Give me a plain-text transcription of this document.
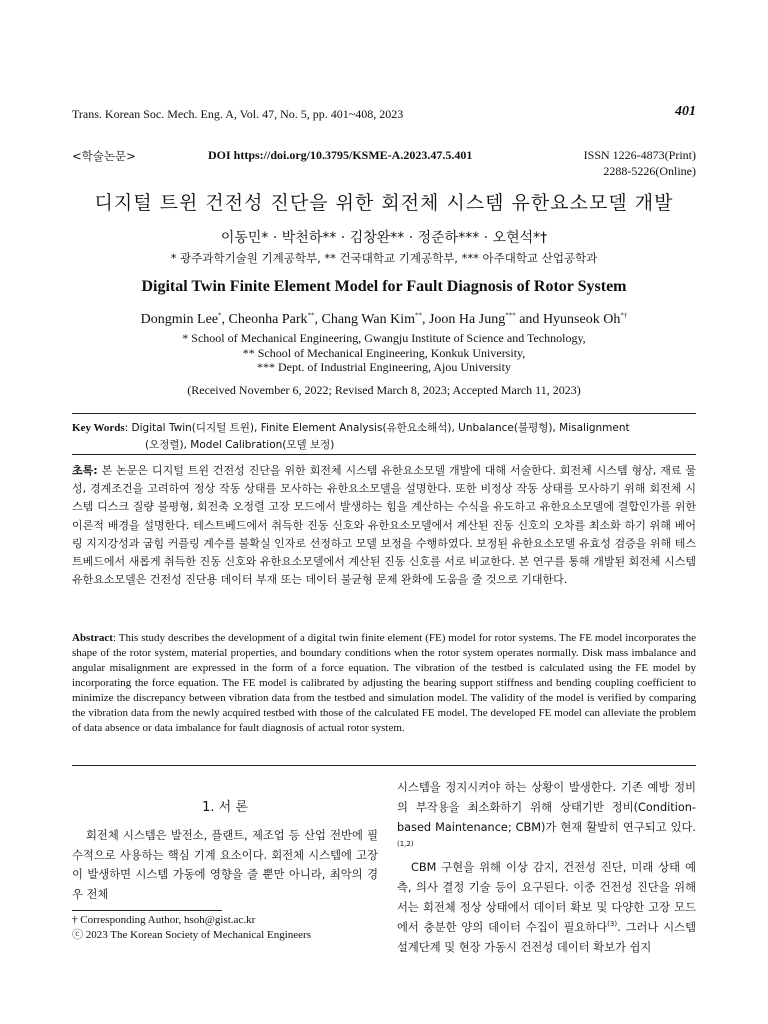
Trans. Korean Soc. Mech. Eng. A, Vol. 47, No. 5, pp. 401~408, 2023	401
<학술논문>	DOI https://doi.org/10.3795/KSME-A.2023.47.5.401	ISSN 1226-4873(Print)
2288-5226(Online)
디지털 트윈 건전성 진단을 위한 회전체 시스템 유한요소모델 개발
이동민* · 박천하** · 김창완** · 정준하*** · 오현석*†
* 광주과학기술원 기계공학부, ** 건국대학교 기계공학부, *** 아주대학교 산업공학과
Digital Twin Finite Element Model for Fault Diagnosis of Rotor System
Dongmin Lee*, Cheonha Park**, Chang Wan Kim**, Joon Ha Jung*** and Hyunseok Oh*†
* School of Mechanical Engineering, Gwangju Institute of Science and Technology,
** School of Mechanical Engineering, Konkuk University,
*** Dept. of Industrial Engineering, Ajou University
(Received November 6, 2022; Revised March 8, 2023; Accepted March 11, 2023)
Key Words: Digital Twin(디지털 트윈), Finite Element Analysis(유한요소해석), Unbalance(불평형), Misalignment
(오정렬), Model Calibration(모델 보정)
초록: 본 논문은 디지털 트윈 건전성 진단을 위한 회전체 시스템 유한요소모델 개발에 대해 서술한다. 회전체 시스템 형상, 재료 물성, 경계조건을 고려하여 정상 작동 상태를 모사하는 유한요소모델을 설명한다. 또한 비정상 작동 상태를 모사하기 위해 회전체 시스템 디스크 질량 불평형, 회전축 오정렬 고장 모드에서 발생하는 힘을 계산하는 수식을 유도하고 유한요소모델에 결합인가를 위한 이론적 배경을 설명한다. 테스트베드에서 취득한 진동 신호와 유한요소모델에서 계산된 진동 신호의 오차를 최소화 하기 위해 베어링 지지강성과 굽힘 커플링 계수를 불확실 인자로 선정하고 모델 보정을 수행하였다. 보정된 유한요소모델 유효성 검증을 위해 테스트베드에서 새롭게 취득한 진동 신호와 유한요소모델에서 계산된 진동 신호를 서로 비교한다. 본 연구를 통해 개발된 회전체 시스템 유한요소모델은 건전성 진단용 데이터 부재 또는 데이터 불균형 문제 완화에 도움을 줄 것으로 기대한다.
Abstract: This study describes the development of a digital twin finite element (FE) model for rotor systems. The FE model incorporates the shape of the rotor system, material properties, and boundary conditions when the rotor system operates normally. Disk mass imbalance and angular misalignment are expressed in the form of a force equation. The vibration of the testbed is calculated using the FE model by incorporating the force equation. The FE model is calibrated by adjusting the bearing support stiffness and bending coupling coefficient to minimize the discrepancy between vibration data from the testbed and simulation model. The validity of the model is verified by comparing the vibration data from the newly acquired testbed with those of the calculated FE model. The developed FE model can alleviate the problem of data absence or data imbalance for fault diagnosis of actual rotor system.
1. 서 론
회전체 시스템은 발전소, 플랜트, 제조업 등 산업 전반에 필수적으로 사용하는 핵심 기계 요소이다. 회전체 시스템에 고장이 발생하면 시스템 가동에 영향을 줄 뿐만 아니라, 최악의 경우 전체
† Corresponding Author, hsoh@gist.ac.kr
ⓒ 2023 The Korean Society of Mechanical Engineers

시스템을 정지시켜야 하는 상황이 발생한다. 기존 예방 정비의 부작용을 최소화하기 위해 상태기반 정비(Condition-based Maintenance; CBM)가 현재 활발히 연구되고 있다.$^{(1,2)}$

CBM 구현을 위해 이상 감지, 건전성 진단, 미래 상태 예측, 의사 결정 기술 등이 요구된다. 이중 건전성 진단을 위해서는 회전체 정상 상태에서 데이터 확보 및 다양한 고장 모드에서 충분한 양의 데이터 수집이 필요하다$^{(3)}$. 그러나 시스템 설계단계 및 현장 가동시 건전성 데이터 확보가 쉽지
